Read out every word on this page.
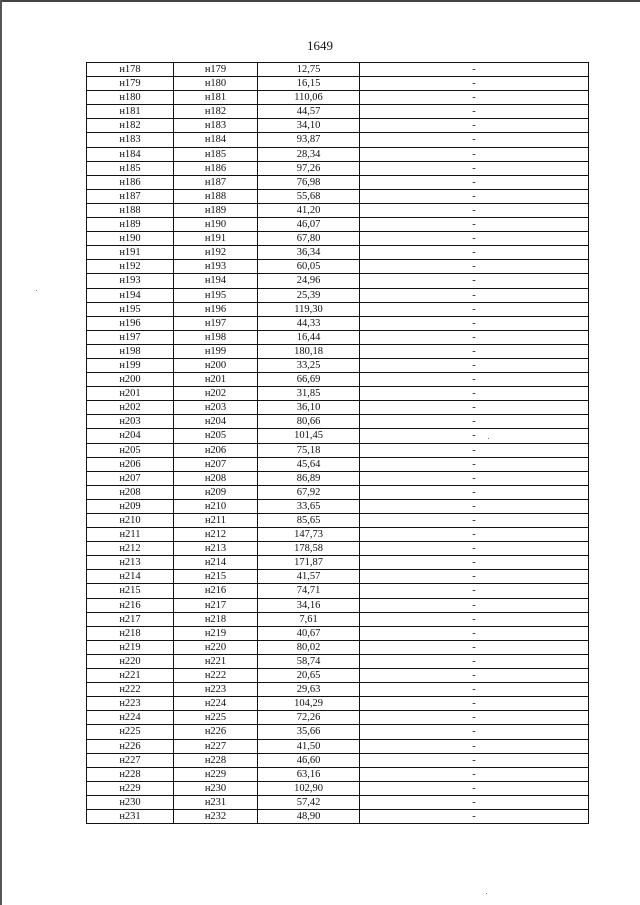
1649
н178	н179	12,75	-
н179	н180	16,15	-
н180	н181	110,06	-
н181	н182	44,57	-
н182	н183	34,10	-
н183	н184	93,87	-
н184	н185	28,34	-
н185	н186	97,26	-
н186	н187	76,98	-
н187	н188	55,68	-
н188	н189	41,20	-
н189	н190	46,07	-
н190	н191	67,80	-
н191	н192	36,34	-
н192	н193	60,05	-
н193	н194	24,96	-
н194	н195	25,39	-
н195	н196	119,30	-
н196	н197	44,33	-
н197	н198	16,44	-
н198	н199	180,18	-
н199	н200	33,25	-
н200	н201	66,69	-
н201	н202	31,85	-
н202	н203	36,10	-
н203	н204	80,66	-
н204	н205	101,45	-
н205	н206	75,18	-
н206	н207	45,64	-
н207	н208	86,89	-
н208	н209	67,92	-
н209	н210	33,65	-
н210	н211	85,65	-
н211	н212	147,73	-
н212	н213	178,58	-
н213	н214	171,87	-
н214	н215	41,57	-
н215	н216	74,71	-
н216	н217	34,16	-
н217	н218	7,61	-
н218	н219	40,67	-
н219	н220	80,02	-
н220	н221	58,74	-
н221	н222	20,65	-
н222	н223	29,63	-
н223	н224	104,29	-
н224	н225	72,26	-
н225	н226	35,66	-
н226	н227	41,50	-
н227	н228	46,60	-
н228	н229	63,16	-
н229	н230	102,90	-
н230	н231	57,42	-
н231	н232	48,90	-
